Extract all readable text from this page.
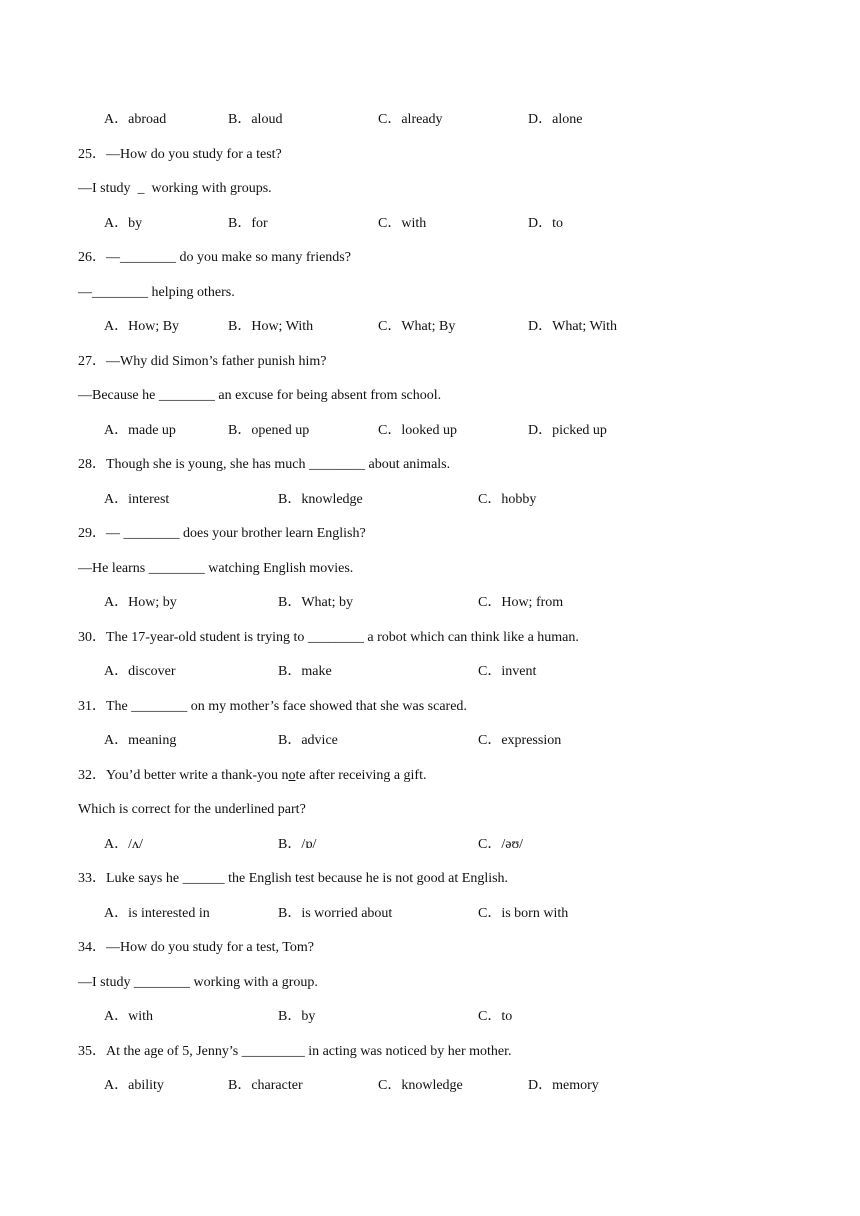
A．abroad	B．aloud	C．already	D．alone
25．—How do you study for a test?
—I study  _  working with groups.
A．by	B．for	C．with	D．to
26．—________ do you make so many friends?
—________ helping others.
A．How; By	B．How; With	C．What; By	D．What; With
27．—Why did Simon’s father punish him?
—Because he ________ an excuse for being absent from school.
A．made up	B．opened up	C．looked up	D．picked up
28．Though she is young, she has much ________ about animals.
A．interest	B．knowledge	C．hobby
29．— ________ does your brother learn English?
—He learns ________ watching English movies.
A．How; by	B．What; by	C．How; from
30．The 17-year-old student is trying to ________ a robot which can think like a human.
A．discover	B．make	C．invent
31．The ________ on my mother’s face showed that she was scared.
A．meaning	B．advice	C．expression
32．You’d better write a thank-you note after receiving a gift.
Which is correct for the underlined part?
A．/ʌ/	B．/ɒ/	C．/əʊ/
33．Luke says he ______ the English test because he is not good at English.
A．is interested in	B．is worried about	C．is born with
34．—How do you study for a test, Tom?
—I study ________ working with a group.
A．with	B．by	C．to
35．At the age of 5, Jenny’s _________ in acting was noticed by her mother.
A．ability	B．character	C．knowledge	D．memory
